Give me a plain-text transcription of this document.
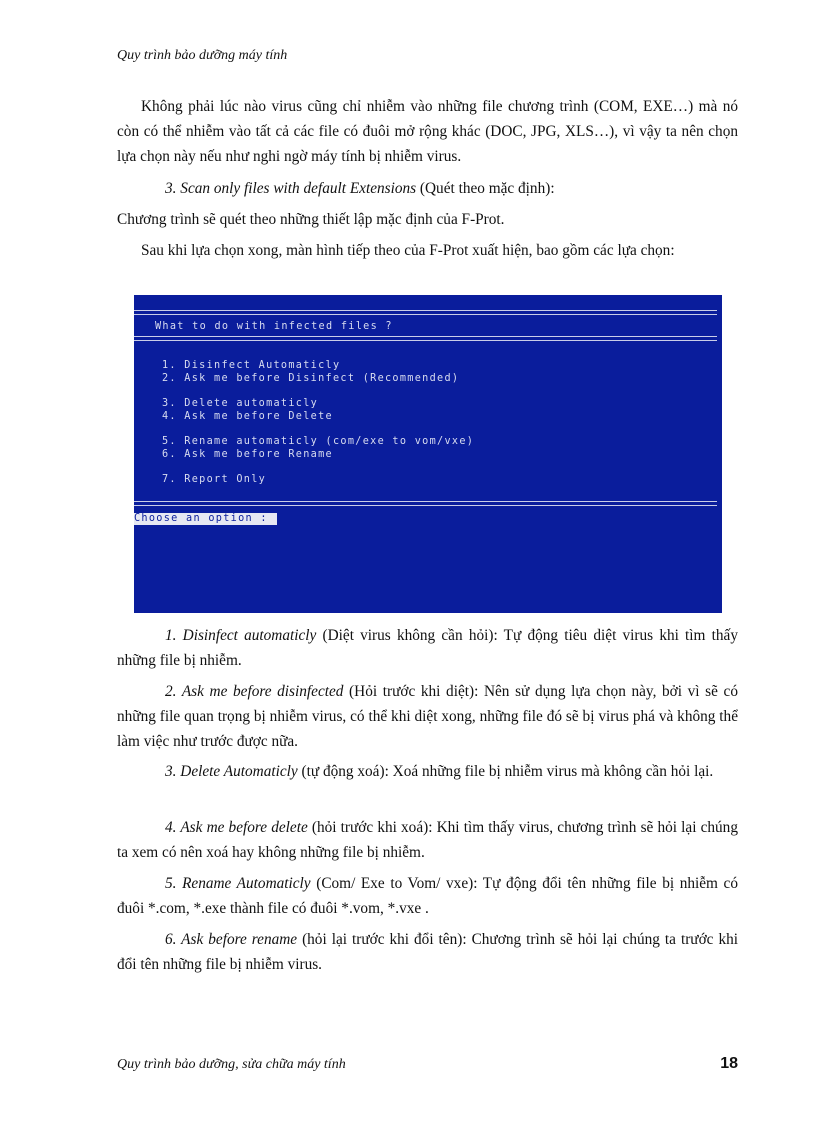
Quy trình bảo dưỡng máy tính

Không phải lúc nào virus cũng chỉ nhiễm vào những file chương trình (COM, EXE…) mà nó còn có thể nhiễm vào tất cả các file có đuôi mở rộng khác (DOC, JPG, XLS…), vì vậy ta nên chọn lựa chọn này nếu như nghi ngờ máy tính bị nhiễm virus.

3. Scan only files with default Extensions (Quét theo mặc định):

Chương trình sẽ quét theo những thiết lập mặc định của F-Prot.

Sau khi lựa chọn xong, màn hình tiếp theo của F-Prot xuất hiện, bao gồm các lựa chọn:

What to do with infected files ?
1. Disinfect Automaticly
2. Ask me before Disinfect (Recommended)
3. Delete automaticly
4. Ask me before Delete
5. Rename automaticly (com/exe to vom/vxe)
6. Ask me before Rename
7. Report Only
Choose an option :

1. Disinfect automaticly (Diệt virus không cần hỏi): Tự động tiêu diệt virus khi tìm thấy những file bị nhiễm.

2. Ask me before disinfected (Hỏi trước khi diệt): Nên sử dụng lựa chọn này, bởi vì sẽ có những file quan trọng bị nhiễm virus, có thể khi diệt xong, những file đó sẽ bị virus phá và không thể làm việc như trước được nữa.

3. Delete Automaticly (tự động xoá): Xoá những file bị nhiễm virus mà không cần hỏi lại.

4. Ask me before delete (hỏi trước khi xoá): Khi tìm thấy virus, chương trình sẽ hỏi lại chúng ta xem có nên xoá hay không những file bị nhiễm.

5. Rename Automaticly (Com/ Exe to Vom/ vxe): Tự động đổi tên những file bị nhiễm có đuôi *.com, *.exe thành file có đuôi *.vom, *.vxe .

6. Ask before rename (hỏi lại trước khi đổi tên): Chương trình sẽ hỏi lại chúng ta trước khi đổi tên những file bị nhiễm virus.

Quy trình bảo dưỡng, sửa chữa máy tính	18
